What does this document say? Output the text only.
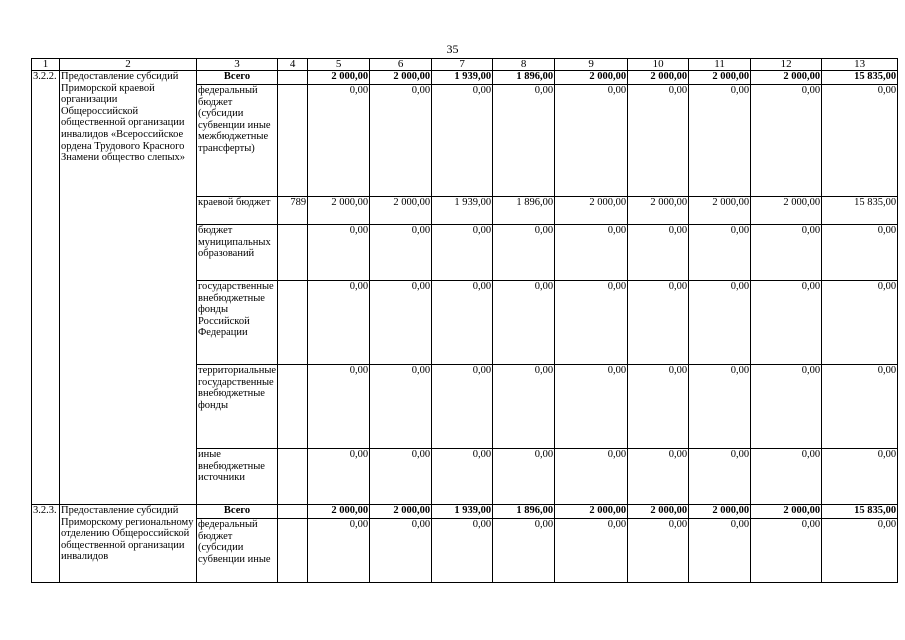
35
1	2	3	4	5	6	7	8	9	10	11	12	13
3.2.2.	Предоставление субсидий Приморской краевой организации Общероссийской общественной организации инвалидов «Всероссийское ордена Трудового Красного Знамени общество слепых»	Всего		2 000,00	2 000,00	1 939,00	1 896,00	2 000,00	2 000,00	2 000,00	2 000,00	15 835,00
		федеральный бюджет (субсидии субвенции иные межбюджетные трансферты)		0,00	0,00	0,00	0,00	0,00	0,00	0,00	0,00	0,00
		краевой бюджет	789	2 000,00	2 000,00	1 939,00	1 896,00	2 000,00	2 000,00	2 000,00	2 000,00	15 835,00
		бюджет муниципальных образований		0,00	0,00	0,00	0,00	0,00	0,00	0,00	0,00	0,00
		государственные внебюджетные фонды Российской Федерации		0,00	0,00	0,00	0,00	0,00	0,00	0,00	0,00	0,00
		территориальные государственные внебюджетные фонды		0,00	0,00	0,00	0,00	0,00	0,00	0,00	0,00	0,00
		иные внебюджетные источники		0,00	0,00	0,00	0,00	0,00	0,00	0,00	0,00	0,00
3.2.3.	Предоставление субсидий Приморскому региональному отделению Общероссийской общественной организации инвалидов	Всего		2 000,00	2 000,00	1 939,00	1 896,00	2 000,00	2 000,00	2 000,00	2 000,00	15 835,00
		федеральный бюджет (субсидии субвенции иные		0,00	0,00	0,00	0,00	0,00	0,00	0,00	0,00	0,00
